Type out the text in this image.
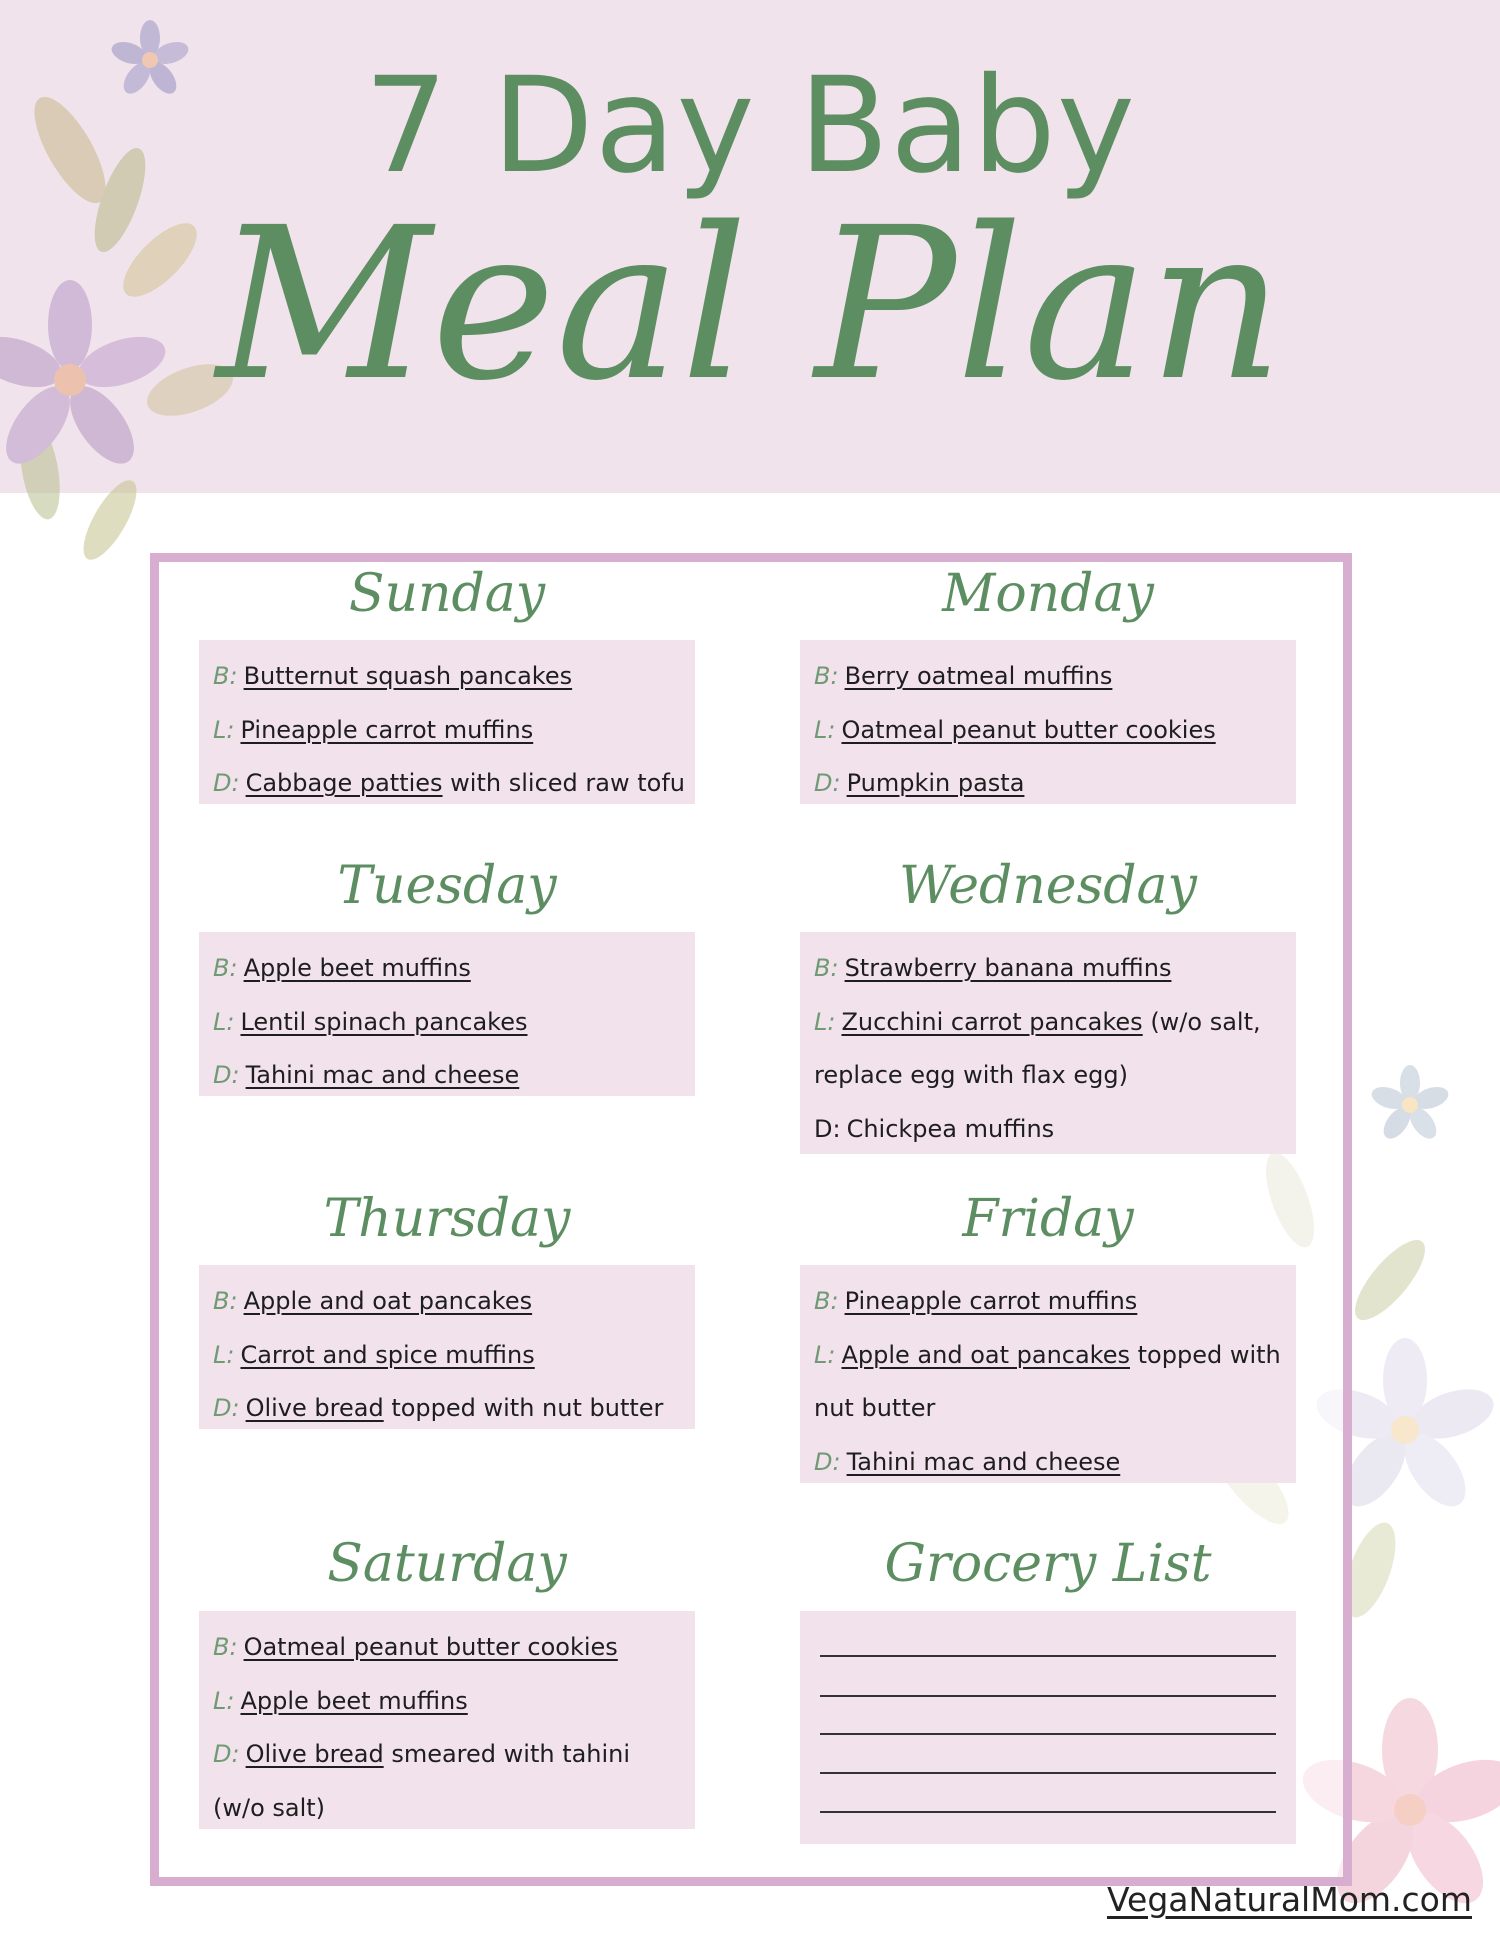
7 Day Baby
Meal Plan
Sunday
B: Butternut squash pancakes
L: Pineapple carrot muffins
D: Cabbage patties with sliced raw tofu
Monday
B: Berry oatmeal muffins
L: Oatmeal peanut butter cookies
D: Pumpkin pasta
Tuesday
B: Apple beet muffins
L: Lentil spinach pancakes
D: Tahini mac and cheese
Wednesday
B: Strawberry banana muffins
L: Zucchini carrot pancakes (w/o salt, replace egg with flax egg)
D: Chickpea muffins
Thursday
B: Apple and oat pancakes
L: Carrot and spice muffins
D: Olive bread topped with nut butter
Friday
B: Pineapple carrot muffins
L: Apple and oat pancakes topped with nut butter
D: Tahini mac and cheese
Saturday
B: Oatmeal peanut butter cookies
L: Apple beet muffins
D: Olive bread smeared with tahini (w/o salt)
Grocery List
VegaNaturalMom.com
